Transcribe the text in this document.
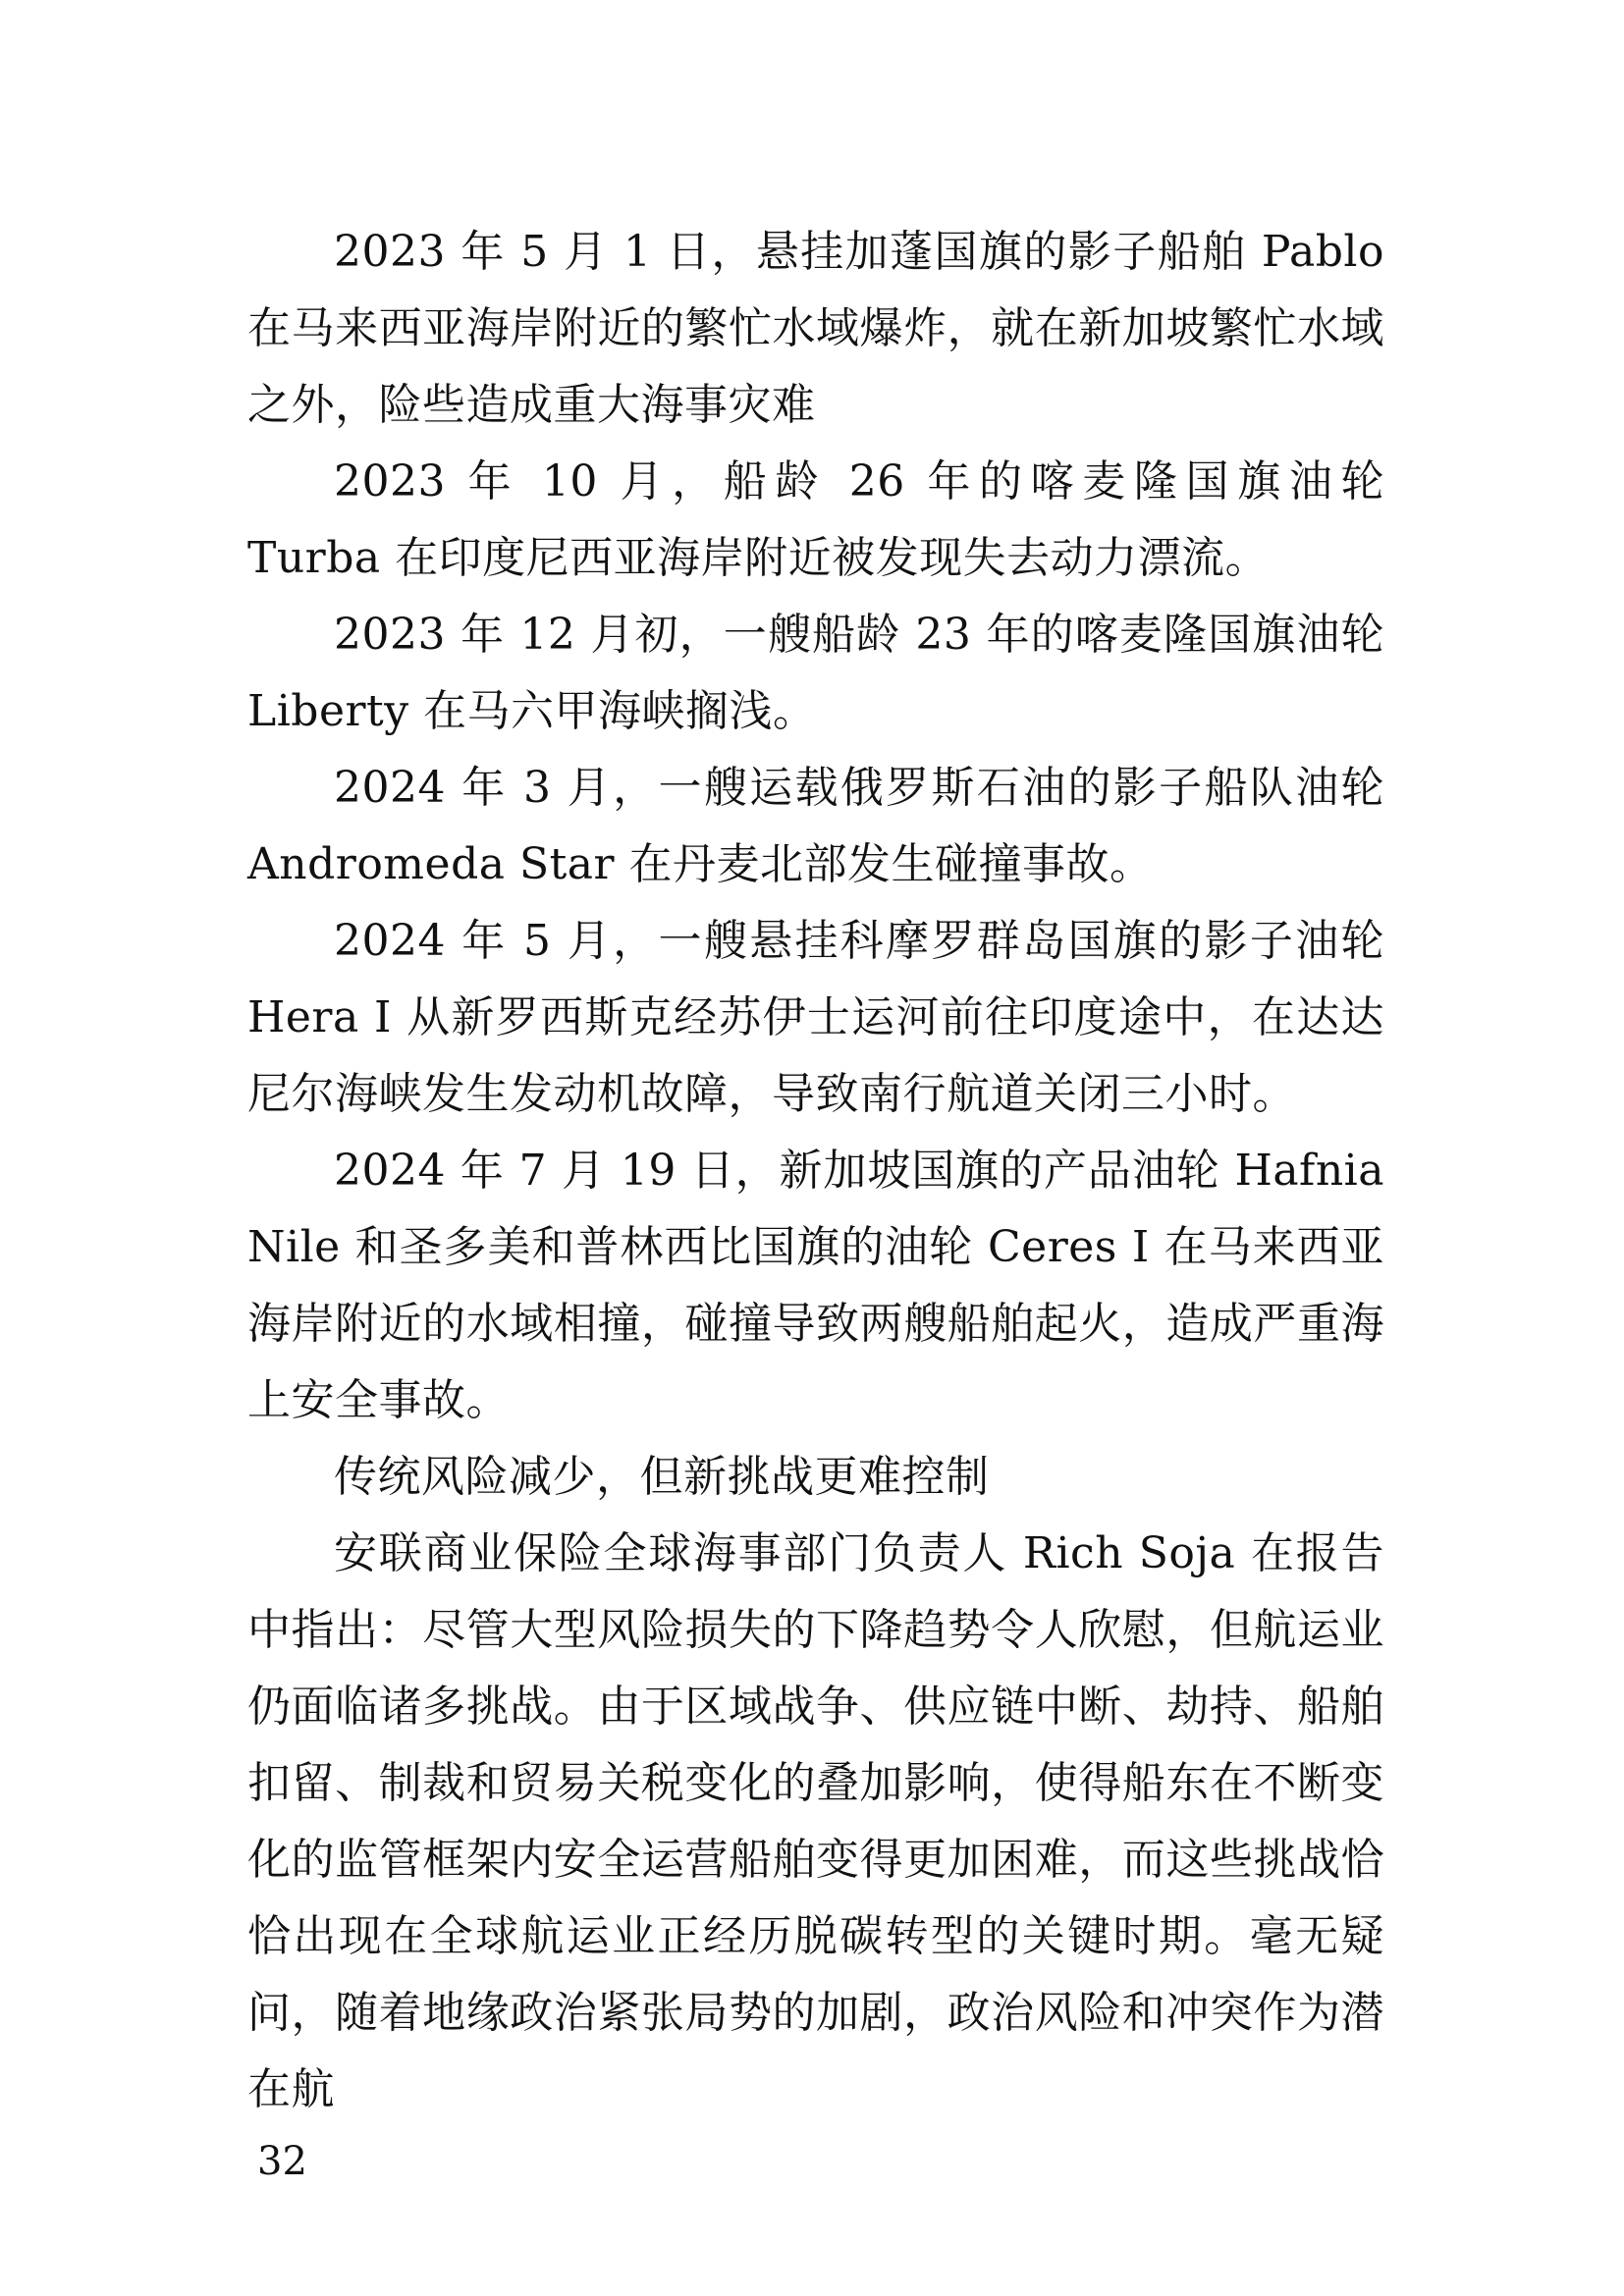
2023 年 5 月 1 日，悬挂加蓬国旗的影子船舶 Pablo 在马来西亚海岸附近的繁忙水域爆炸，就在新加坡繁忙水域之外，险些造成重大海事灾难

2023 年 10 月，船龄 26 年的喀麦隆国旗油轮 Turba 在印度尼西亚海岸附近被发现失去动力漂流。

2023 年 12 月初，一艘船龄 23 年的喀麦隆国旗油轮 Liberty 在马六甲海峡搁浅。

2024 年 3 月，一艘运载俄罗斯石油的影子船队油轮 Andromeda Star 在丹麦北部发生碰撞事故。

2024 年 5 月，一艘悬挂科摩罗群岛国旗的影子油轮 Hera I 从新罗西斯克经苏伊士运河前往印度途中，在达达尼尔海峡发生发动机故障，导致南行航道关闭三小时。

2024 年 7 月 19 日，新加坡国旗的产品油轮 Hafnia Nile 和圣多美和普林西比国旗的油轮 Ceres I 在马来西亚海岸附近的水域相撞，碰撞导致两艘船舶起火，造成严重海上安全事故。

传统风险减少，但新挑战更难控制

安联商业保险全球海事部门负责人 Rich Soja 在报告中指出：尽管大型风险损失的下降趋势令人欣慰，但航运业仍面临诸多挑战。由于区域战争、供应链中断、劫持、船舶扣留、制裁和贸易关税变化的叠加影响，使得船东在不断变化的监管框架内安全运营船舶变得更加困难，而这些挑战恰恰出现在全球航运业正经历脱碳转型的关键时期。毫无疑问，随着地缘政治紧张局势的加剧，政治风险和冲突作为潜在航

32
